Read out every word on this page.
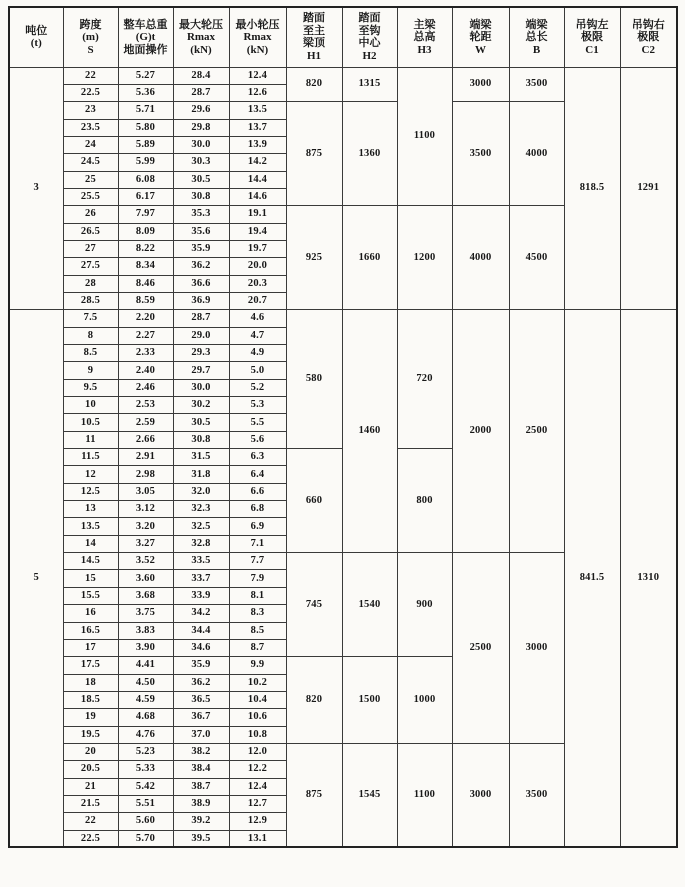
吨位
(t)

跨度
(m)
S

整车总重
(G)t
地面操作

最大轮压
Rmax
(kN)

最小轮压
Rmax
(kN)

踏面
至主
梁顶
H1

踏面
至钩
中心
H2

主梁
总高
H3

端梁
轮距
W

端梁
总长
B

吊钩左
极限
C1

吊钩右
极限
C2

3	22	5.27	28.4	12.4	820	1315	1100	3000	3500	818.5	1291
	22.5	5.36	28.7	12.6							
	23	5.71	29.6	13.5	875	1360		3500	4000		
	23.5	5.80	29.8	13.7							
	24	5.89	30.0	13.9							
	24.5	5.99	30.3	14.2							
	25	6.08	30.5	14.4							
	25.5	6.17	30.8	14.6							
	26	7.97	35.3	19.1	925	1660	1200	4000	4500		
	26.5	8.09	35.6	19.4							
	27	8.22	35.9	19.7							
	27.5	8.34	36.2	20.0							
	28	8.46	36.6	20.3							
	28.5	8.59	36.9	20.7							
5	7.5	2.20	28.7	4.6	580	1460	720	2000	2500	841.5	1310
	8	2.27	29.0	4.7							
	8.5	2.33	29.3	4.9							
	9	2.40	29.7	5.0							
	9.5	2.46	30.0	5.2							
	10	2.53	30.2	5.3							
	10.5	2.59	30.5	5.5							
	11	2.66	30.8	5.6							
	11.5	2.91	31.5	6.3	660		800				
	12	2.98	31.8	6.4							
	12.5	3.05	32.0	6.6							
	13	3.12	32.3	6.8							
	13.5	3.20	32.5	6.9							
	14	3.27	32.8	7.1							
	14.5	3.52	33.5	7.7	745	1540	900	2500	3000		
	15	3.60	33.7	7.9							
	15.5	3.68	33.9	8.1							
	16	3.75	34.2	8.3							
	16.5	3.83	34.4	8.5							
	17	3.90	34.6	8.7							
	17.5	4.41	35.9	9.9	820	1500	1000				
	18	4.50	36.2	10.2							
	18.5	4.59	36.5	10.4							
	19	4.68	36.7	10.6							
	19.5	4.76	37.0	10.8							
	20	5.23	38.2	12.0	875	1545	1100	3000	3500		
	20.5	5.33	38.4	12.2							
	21	5.42	38.7	12.4							
	21.5	5.51	38.9	12.7							
	22	5.60	39.2	12.9							
	22.5	5.70	39.5	13.1							
